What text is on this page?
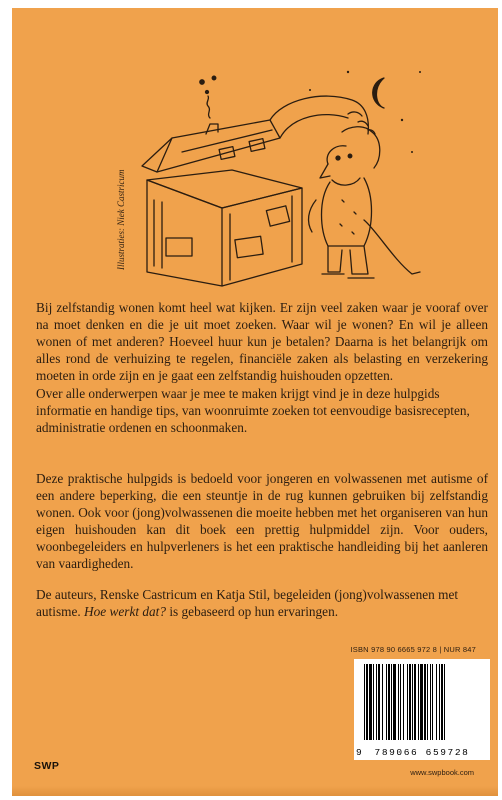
Illustraties: Niek Castricum

Bij zelfstandig wonen komt heel wat kijken. Er zijn veel zaken waar je vooraf over na moet denken en die je uit moet zoeken. Waar wil je wonen? En wil je alleen wonen of met anderen? Hoeveel huur kun je betalen? Daarna is het belangrijk om alles rond de verhuizing te regelen, financiële zaken als belasting en verzekering moeten in orde zijn en je gaat een zelfstandig huishouden opzetten.

Over alle onderwerpen waar je mee te maken krijgt vind je in deze hulpgids informatie en handige tips, van woonruimte zoeken tot eenvoudige basisrecepten, administratie ordenen en schoonmaken.

Deze praktische hulpgids is bedoeld voor jongeren en volwassenen met autisme of een andere beperking, die een steuntje in de rug kunnen gebruiken bij zelfstandig wonen. Ook voor (jong)volwassenen die moeite hebben met het organiseren van hun eigen huishouden kan dit boek een prettig hulpmiddel zijn. Voor ouders, woonbegeleiders en hulpverleners is het een praktische handleiding bij het aanleren van vaardigheden.

De auteurs, Renske Castricum en Katja Stil, begeleiden (jong)volwassenen met autisme. Hoe werkt dat? is gebaseerd op hun ervaringen.

ISBN 978 90 6665 972 8 | NUR 847
9	789066 659728
SWP
www.swpbook.com
